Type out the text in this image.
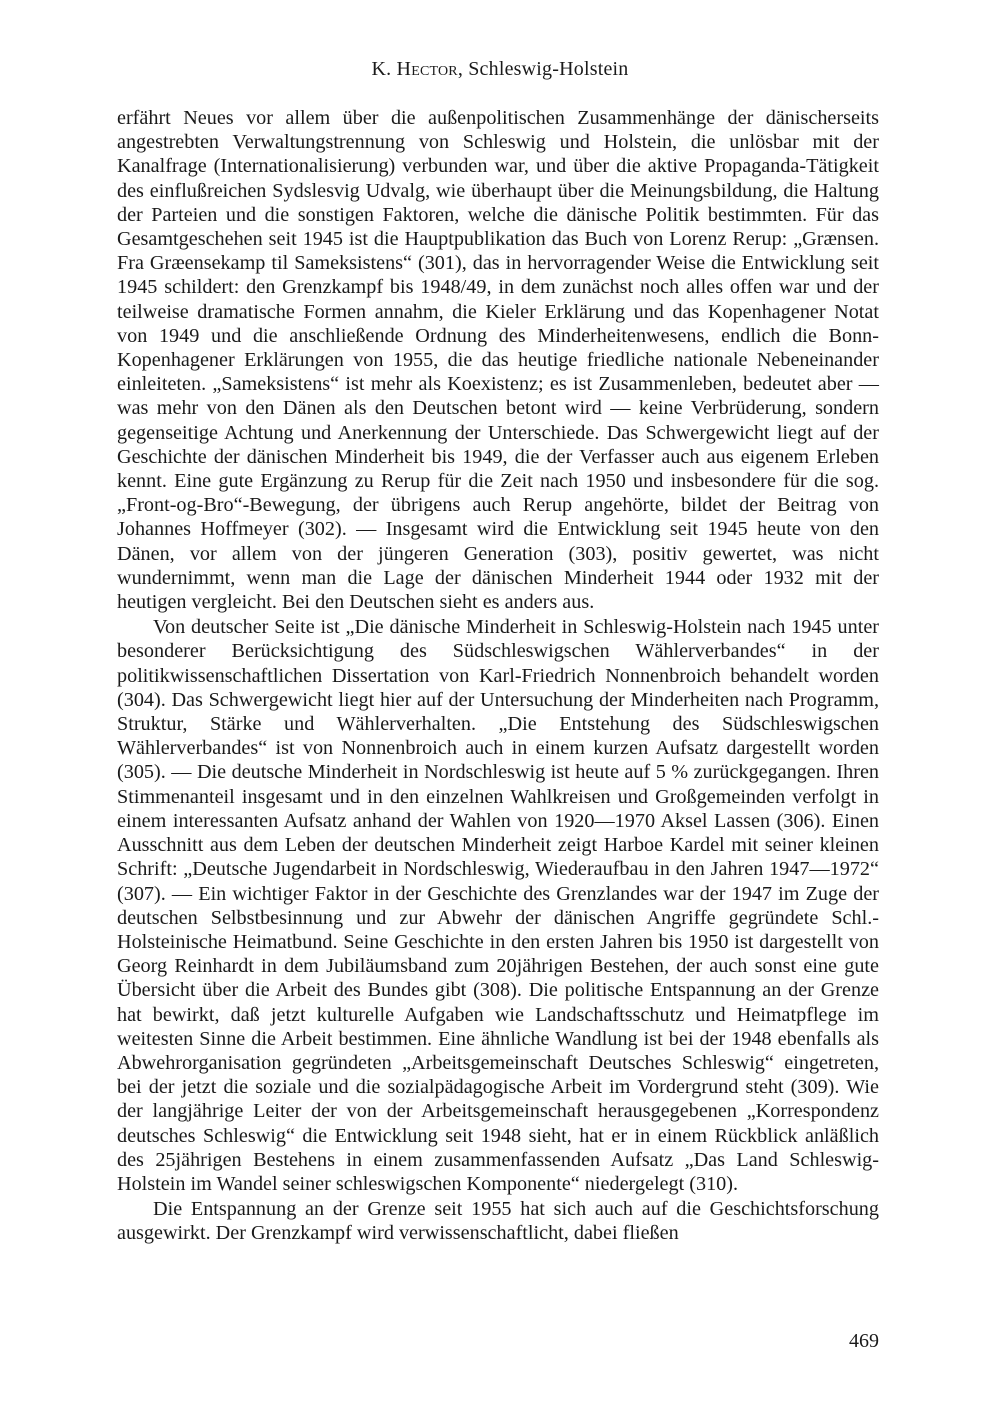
K. Hector, Schleswig-Holstein

erfährt Neues vor allem über die außenpolitischen Zusammenhänge der dänischerseits angestrebten Verwaltungstrennung von Schleswig und Holstein, die unlösbar mit der Kanalfrage (Internationalisierung) verbunden war, und über die aktive Propaganda-Tätigkeit des einflußreichen Sydslesvig Udvalg, wie überhaupt über die Meinungsbildung, die Haltung der Parteien und die sonstigen Faktoren, welche die dänische Politik bestimmten. Für das Gesamtgeschehen seit 1945 ist die Hauptpublikation das Buch von Lorenz Rerup: „Grænsen. Fra Græensekamp til Sameksistens“ (301), das in hervorragender Weise die Entwicklung seit 1945 schildert: den Grenzkampf bis 1948/49, in dem zunächst noch alles offen war und der teilweise dramatische Formen annahm, die Kieler Erklärung und das Kopenhagener Notat von 1949 und die anschließende Ordnung des Minderheitenwesens, endlich die Bonn-Kopenhagener Erklärungen von 1955, die das heutige friedliche nationale Nebeneinander einleiteten. „Sameksistens“ ist mehr als Koexistenz; es ist Zusammenleben, bedeutet aber — was mehr von den Dänen als den Deutschen betont wird — keine Verbrüderung, sondern gegenseitige Achtung und Anerkennung der Unterschiede. Das Schwergewicht liegt auf der Geschichte der dänischen Minderheit bis 1949, die der Verfasser auch aus eigenem Erleben kennt. Eine gute Ergänzung zu Rerup für die Zeit nach 1950 und insbesondere für die sog. „Front-og-Bro“-Bewegung, der übrigens auch Rerup angehörte, bildet der Beitrag von Johannes Hoffmeyer (302). — Insgesamt wird die Entwicklung seit 1945 heute von den Dänen, vor allem von der jüngeren Generation (303), positiv gewertet, was nicht wundernimmt, wenn man die Lage der dänischen Minderheit 1944 oder 1932 mit der heutigen vergleicht. Bei den Deutschen sieht es anders aus.

Von deutscher Seite ist „Die dänische Minderheit in Schleswig-Holstein nach 1945 unter besonderer Berücksichtigung des Südschleswigschen Wählerverbandes“ in der politikwissenschaftlichen Dissertation von Karl-Friedrich Nonnenbroich behandelt worden (304). Das Schwergewicht liegt hier auf der Untersuchung der Minderheiten nach Programm, Struktur, Stärke und Wählerverhalten. „Die Entstehung des Südschleswigschen Wählerverbandes“ ist von Nonnenbroich auch in einem kurzen Aufsatz dargestellt worden (305). — Die deutsche Minderheit in Nordschleswig ist heute auf 5 % zurückgegangen. Ihren Stimmenanteil insgesamt und in den einzelnen Wahlkreisen und Großgemeinden verfolgt in einem interessanten Aufsatz anhand der Wahlen von 1920—1970 Aksel Lassen (306). Einen Ausschnitt aus dem Leben der deutschen Minderheit zeigt Harboe Kardel mit seiner kleinen Schrift: „Deutsche Jugendarbeit in Nordschleswig, Wiederaufbau in den Jahren 1947—1972“ (307). — Ein wichtiger Faktor in der Geschichte des Grenzlandes war der 1947 im Zuge der deutschen Selbstbesinnung und zur Abwehr der dänischen Angriffe gegründete Schl.-Holsteinische Heimatbund. Seine Geschichte in den ersten Jahren bis 1950 ist dargestellt von Georg Reinhardt in dem Jubiläumsband zum 20jährigen Bestehen, der auch sonst eine gute Übersicht über die Arbeit des Bundes gibt (308). Die politische Entspannung an der Grenze hat bewirkt, daß jetzt kulturelle Aufgaben wie Landschaftsschutz und Heimatpflege im weitesten Sinne die Arbeit bestimmen. Eine ähnliche Wandlung ist bei der 1948 ebenfalls als Abwehrorganisation gegründeten „Arbeitsgemeinschaft Deutsches Schleswig“ eingetreten, bei der jetzt die soziale und die sozialpädagogische Arbeit im Vordergrund steht (309). Wie der langjährige Leiter der von der Arbeitsgemeinschaft herausgegebenen „Korrespondenz deutsches Schleswig“ die Entwicklung seit 1948 sieht, hat er in einem Rückblick anläßlich des 25jährigen Bestehens in einem zusammenfassenden Aufsatz „Das Land Schleswig-Holstein im Wandel seiner schleswigschen Komponente“ niedergelegt (310).

Die Entspannung an der Grenze seit 1955 hat sich auch auf die Geschichtsforschung ausgewirkt. Der Grenzkampf wird verwissenschaftlicht, dabei fließen

469
